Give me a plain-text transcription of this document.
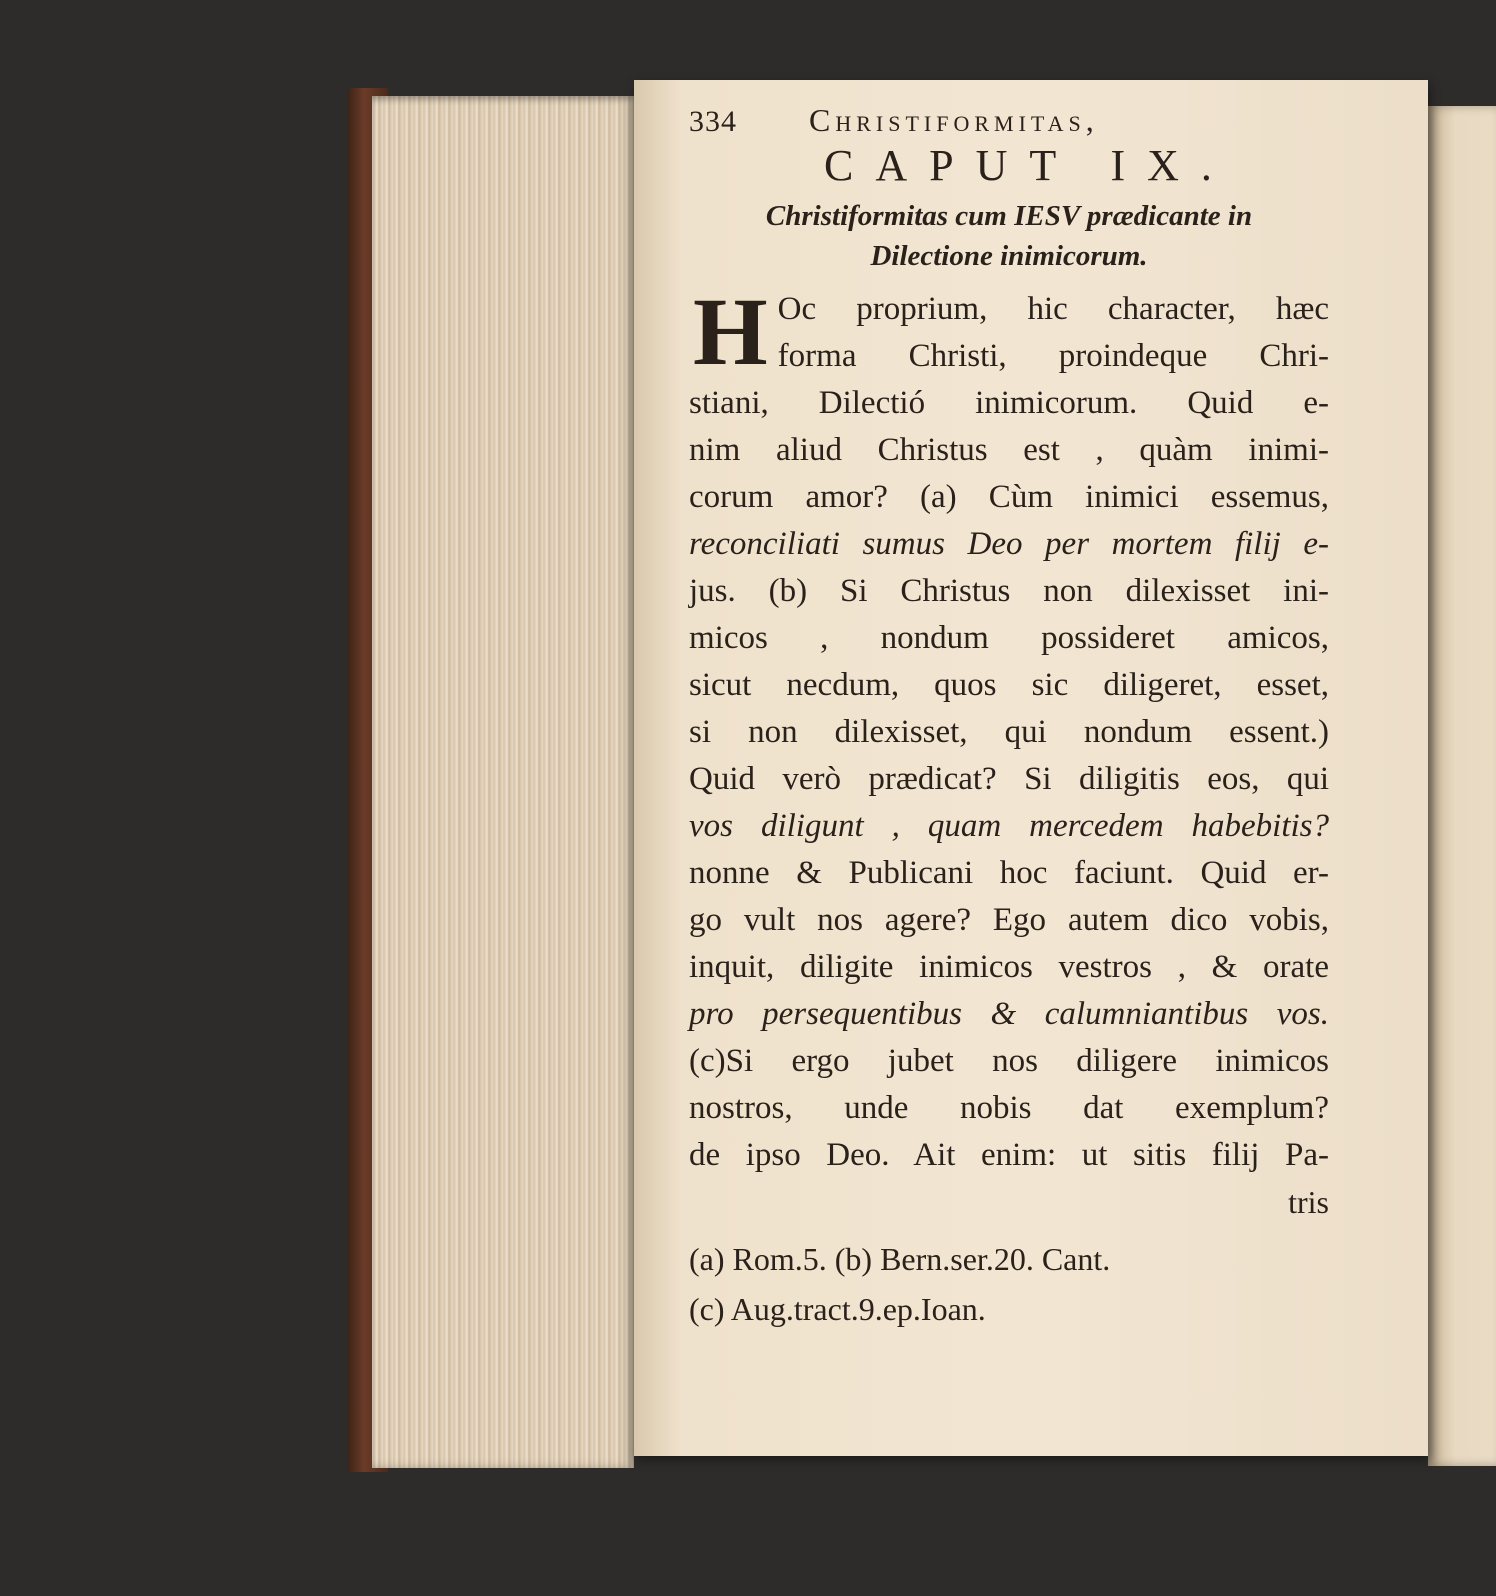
334	Christiformitas,
CAPUT IX.
Christiformitas cum IESV prædicante in
Dilectione inimicorum.
H Oc proprium, hic character, hæc
forma Christi, proindeque Chri-
stiani, Dilectió inimicorum. Quid e-
nim aliud Christus est , quàm inimi-
corum amor? (a) Cùm inimici essemus,
reconciliati sumus Deo per mortem filij e-
jus. (b) Si Christus non dilexisset ini-
micos , nondum possideret amicos,
sicut necdum, quos sic diligeret, esset,
si non dilexisset, qui nondum essent.)
Quid verò prædicat? Si diligitis eos, qui
vos diligunt , quam mercedem habebitis?
nonne & Publicani hoc faciunt. Quid er-
go vult nos agere? Ego autem dico vobis,
inquit, diligite inimicos vestros , & orate
pro persequentibus & calumniantibus vos.
(c)Si ergo jubet nos diligere inimicos
nostros, unde nobis dat exemplum?
de ipso Deo. Ait enim: ut sitis filij Pa-
tris
(a) Rom.5. (b) Bern.ser.20. Cant.
(c) Aug.tract.9.ep.Ioan.
